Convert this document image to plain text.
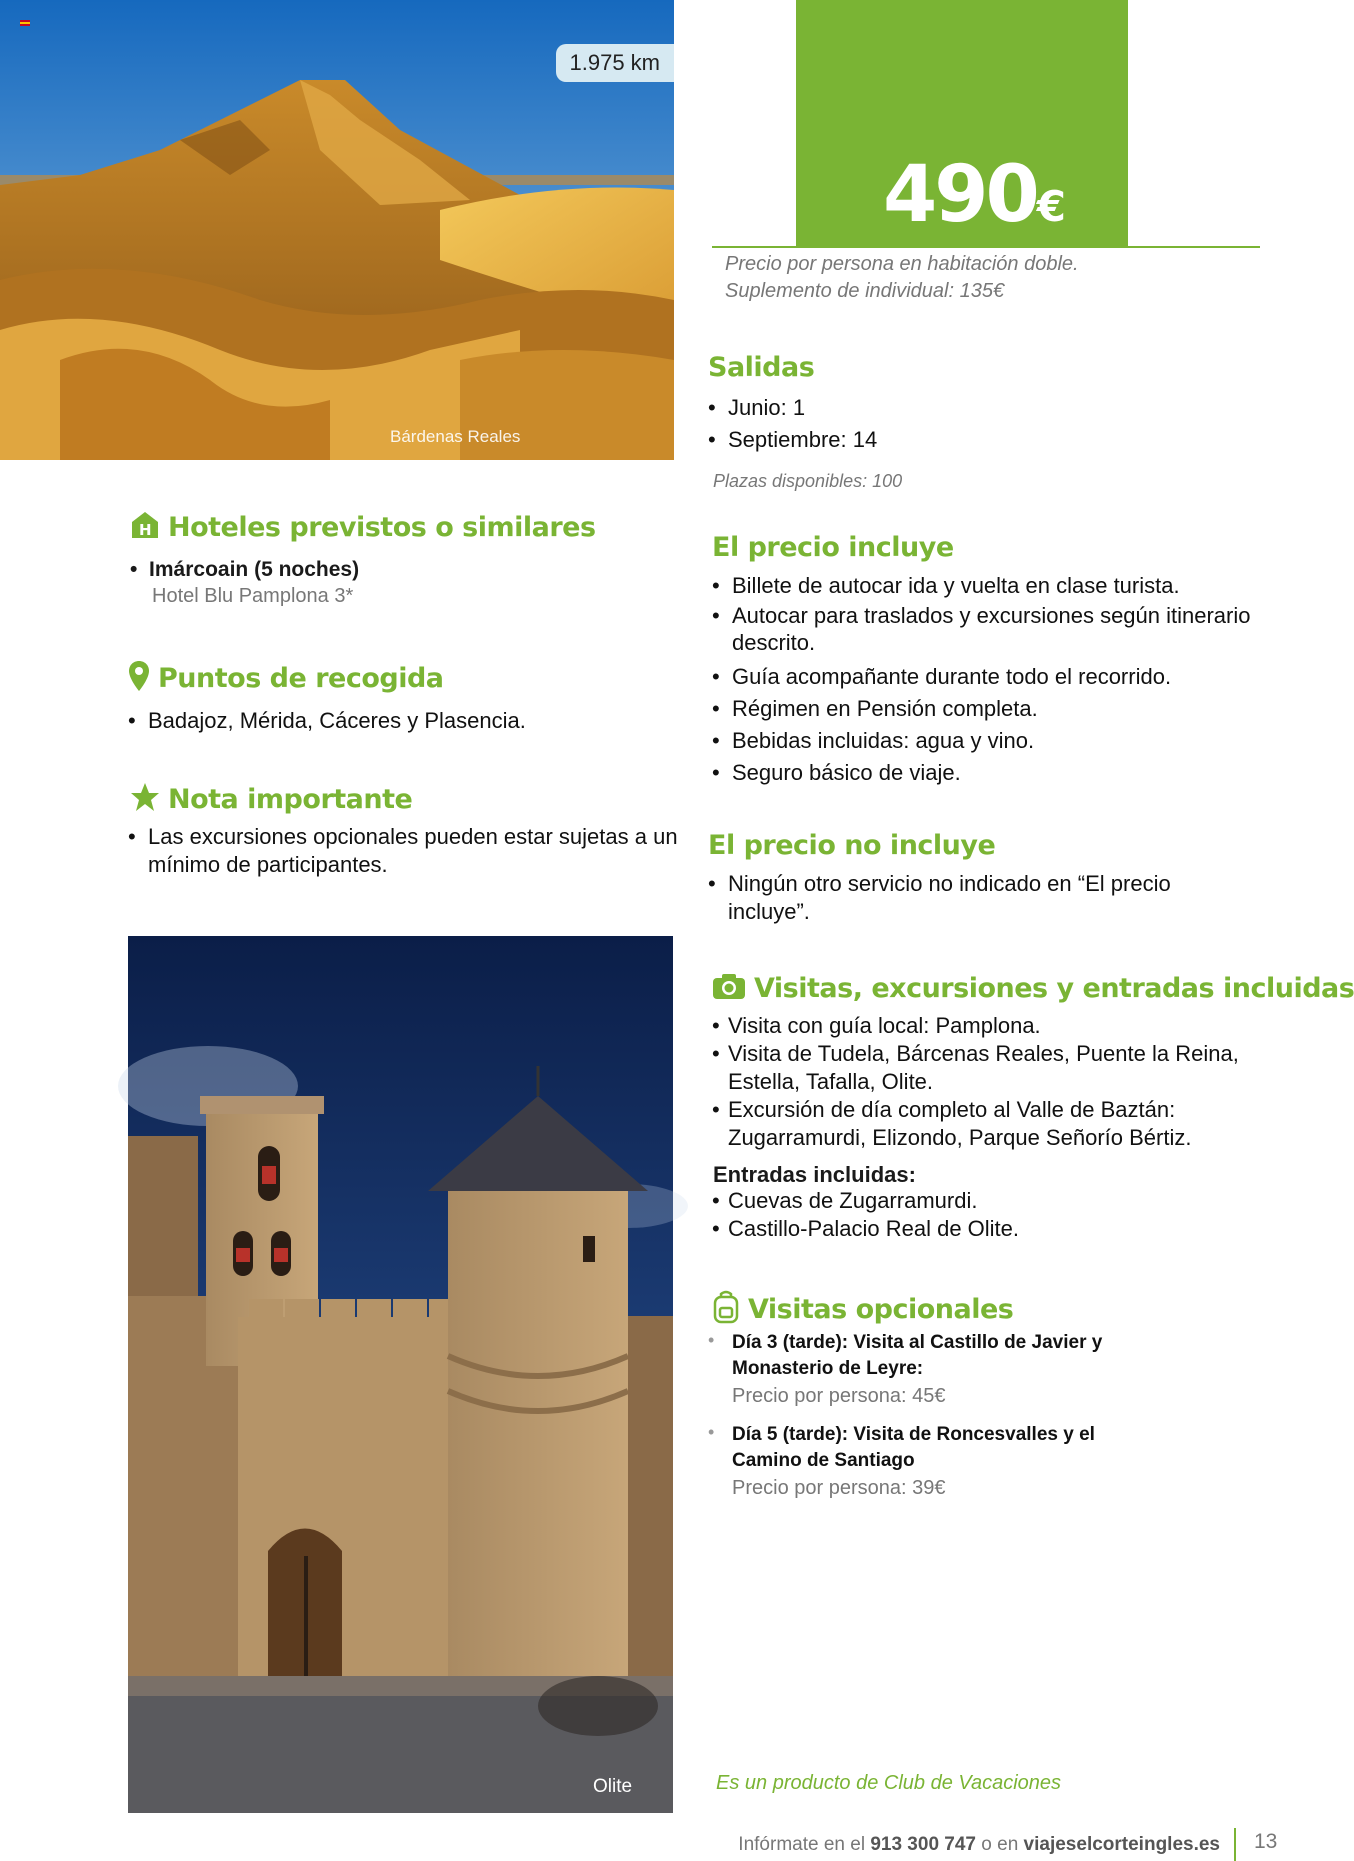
1.975 km
Bárdenas Reales
490€
Precio por persona en habitación doble.
Suplemento de individual: 135€
H Hoteles previstos o similares
•  Imárcoain (5 noches)
Hotel Blu Pamplona 3*
Puntos de recogida
• Badajoz, Mérida, Cáceres y Plasencia.
Nota importante
• Las excursiones opcionales pueden estar sujetas a un mínimo de participantes.
Olite
Salidas
• Junio: 1
• Septiembre: 14
Plazas disponibles: 100
El precio incluye
• Billete de autocar ida y vuelta en clase turista.
• Autocar para traslados y excursiones según itinerario descrito.
• Guía acompañante durante todo el recorrido.
• Régimen en Pensión completa.
• Bebidas incluidas: agua y vino.
• Seguro básico de viaje.
El precio no incluye
• Ningún otro servicio no indicado en “El precio incluye”.
Visitas, excursiones y entradas incluidas
• Visita con guía local: Pamplona.
• Visita de Tudela, Bárcenas Reales, Puente la Reina, Estella, Tafalla, Olite.
• Excursión de día completo al Valle de Baztán: Zugarramurdi, Elizondo, Parque Señorío Bértiz.
Entradas incluidas:
• Cuevas de Zugarramurdi.
• Castillo-Palacio Real de Olite.
Visitas opcionales
• Día 3 (tarde): Visita al Castillo de Javier y Monasterio de Leyre:
Precio por persona: 45€
• Día 5 (tarde): Visita de Roncesvalles y el Camino de Santiago
Precio por persona: 39€
Es un producto de Club de Vacaciones
Infórmate en el 913 300 747 o en viajeselcorteingles.es 13
